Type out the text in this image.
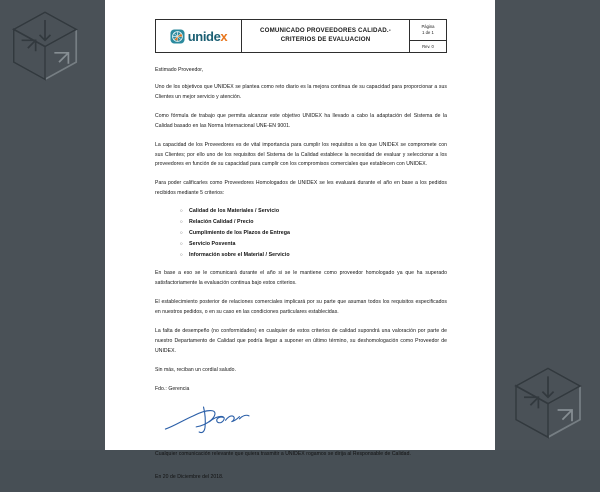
unidex	COMUNICADO PROVEEDORES CALIDAD.-
CRITERIOS DE EVALUACION
Página
1 de 1
Rev. 0

Estimado Proveedor,

Uno de los objetivos que UNIDEX se plantea como reto diario es la mejora continua de su capacidad para proporcionar a sus Clientes un mejor servicio y atención.

Como fórmula de trabajo que permita alcanzar este objetivo UNIDEX ha llevado a cabo la adaptación del Sistema de la Calidad basado en las Norma Internacional UNE-EN 9001.

La capacidad de los Proveedores es de vital importancia para cumplir los requisitos a los que UNIDEX se compromete con sus Clientes; por ello uno de los requisitos del Sistema de la Calidad establece la necesidad de evaluar y seleccionar a los proveedores en función de su capacidad para cumplir con los compromisos comerciales que establecen con UNIDEX.

Para poder calificarles como Proveedores Homologados de UNIDEX se les evaluará durante el año en base a los pedidos recibidos mediante 5 criterios:

○ Calidad de los Materiales / Servicio
○ Relación Calidad / Precio
○ Cumplimiento de los Plazos de Entrega
○ Servicio Posventa
○ Información sobre el Material / Servicio

En base a eso se le comunicará durante el año si se le mantiene como proveedor homologado ya que ha superado satisfactoriamente la evaluación continua bajo estos criterios.

El establecimiento posterior de relaciones comerciales implicará por su parte que asuman todos los requisitos especificados en nuestros pedidos, o en su caso en las condiciones particulares establecidas.

La falta de desempeño (no conformidades) en cualquier de estos criterios de calidad supondrá una valoración por parte de nuestro Departamento de Calidad que podría llegar a suponer en último término, su deshomologación como Proveedor de UNIDEX.

Sin más, reciban un cordial saludo.

Fdo.: Gerencia

Cualquier comunicación relevante que quiera trasmitir a UNIDEX rogamos se dirija al Responsable de Calidad.

En 20 de Diciembre del 2018.
